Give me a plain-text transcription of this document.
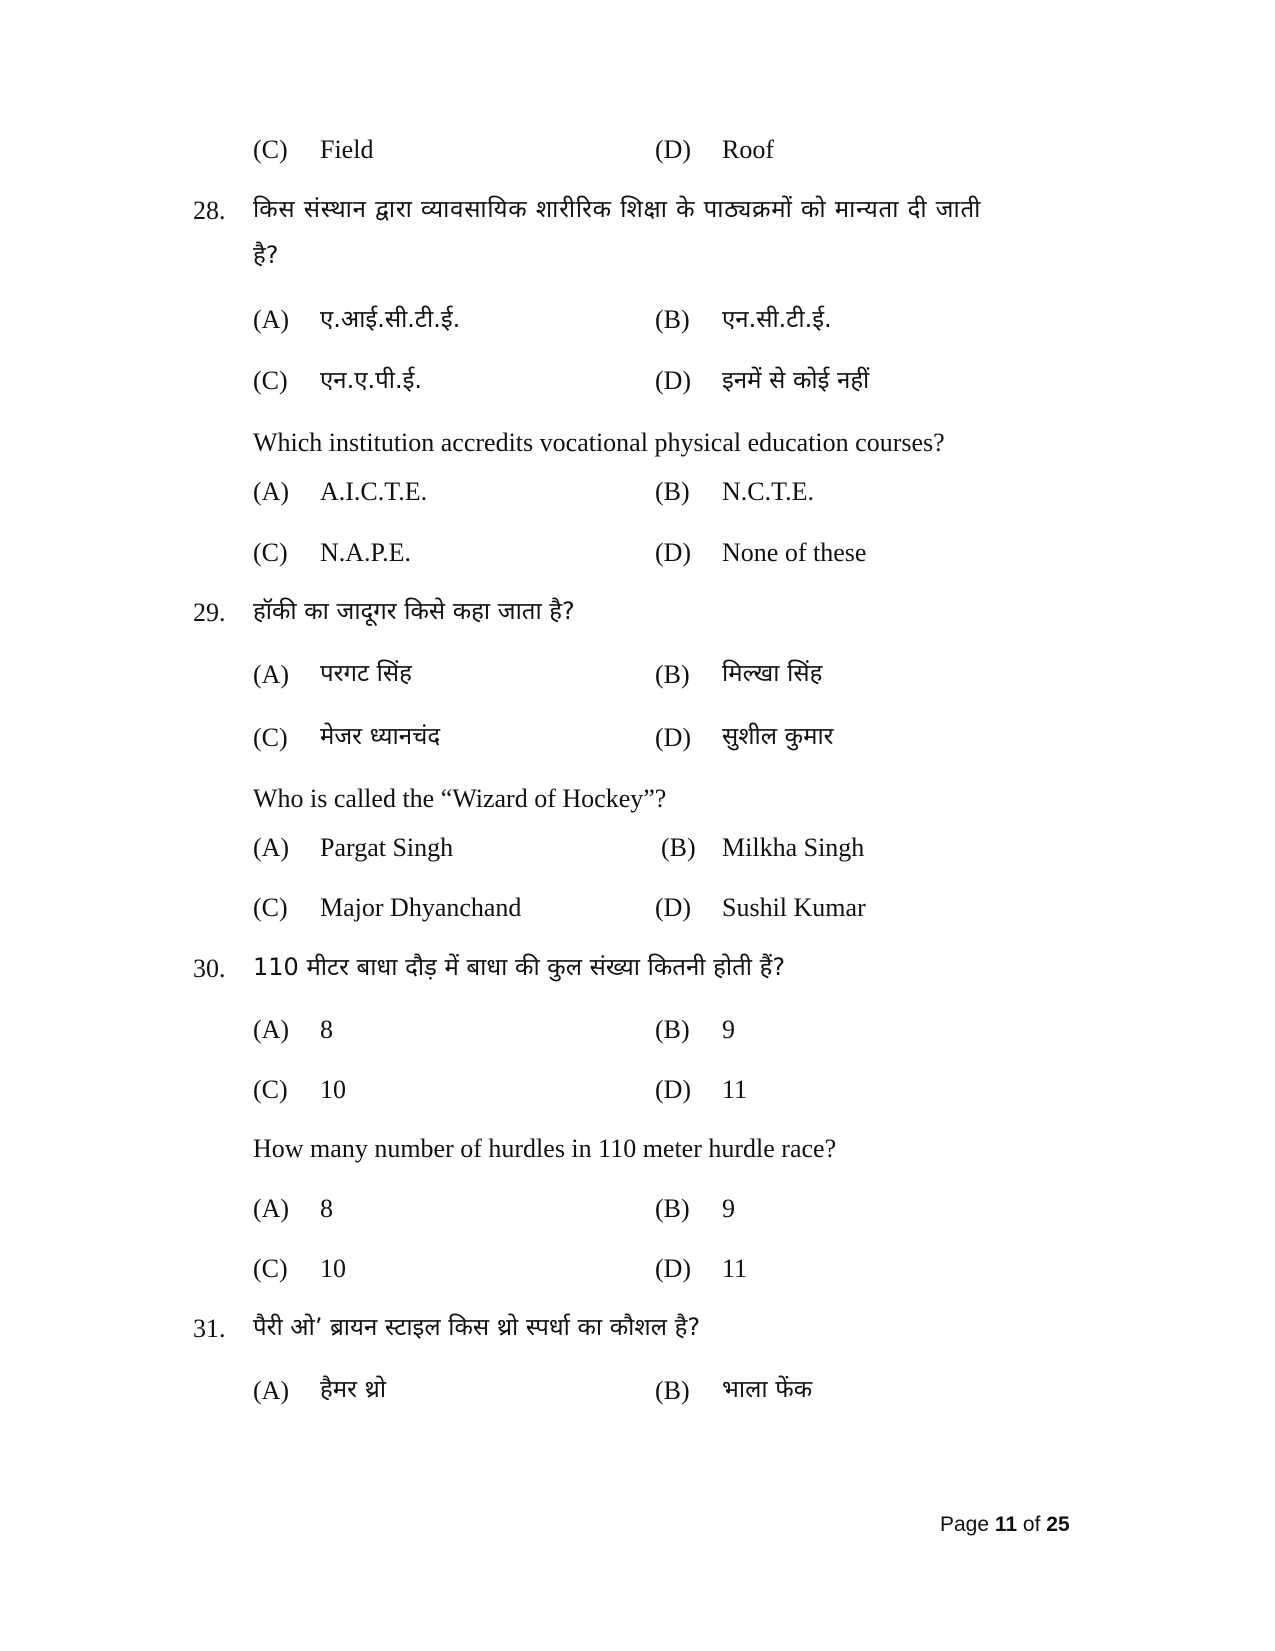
(C) Field	(D) Roof
28. किस संस्थान द्वारा व्यावसायिक शारीरिक शिक्षा के पाठ्यक्रमों को मान्यता दी जाती
है?
(A) ए.आई.सी.टी.ई.	(B) एन.सी.टी.ई.
(C) एन.ए.पी.ई.	(D) इनमें से कोई नहीं
Which institution accredits vocational physical education courses?
(A) A.I.C.T.E.	(B) N.C.T.E.
(C) N.A.P.E.	(D) None of these
29. हॉकी का जादूगर किसे कहा जाता है?
(A) परगट सिंह	(B) मिल्खा सिंह
(C) मेजर ध्यानचंद	(D) सुशील कुमार
Who is called the “Wizard of Hockey”?
(A) Pargat Singh	(B) Milkha Singh
(C) Major Dhyanchand	(D) Sushil Kumar
30. 110 मीटर बाधा दौड़ में बाधा की कुल संख्या कितनी होती हैं?
(A) 8	(B) 9
(C) 10	(D) 11
How many number of hurdles in 110 meter hurdle race?
(A) 8	(B) 9
(C) 10	(D) 11
31. पैरी ओ’ ब्रायन स्टाइल किस थ्रो स्पर्धा का कौशल है?
(A) हैमर थ्रो	(B) भाला फेंक
Page 11 of 25
